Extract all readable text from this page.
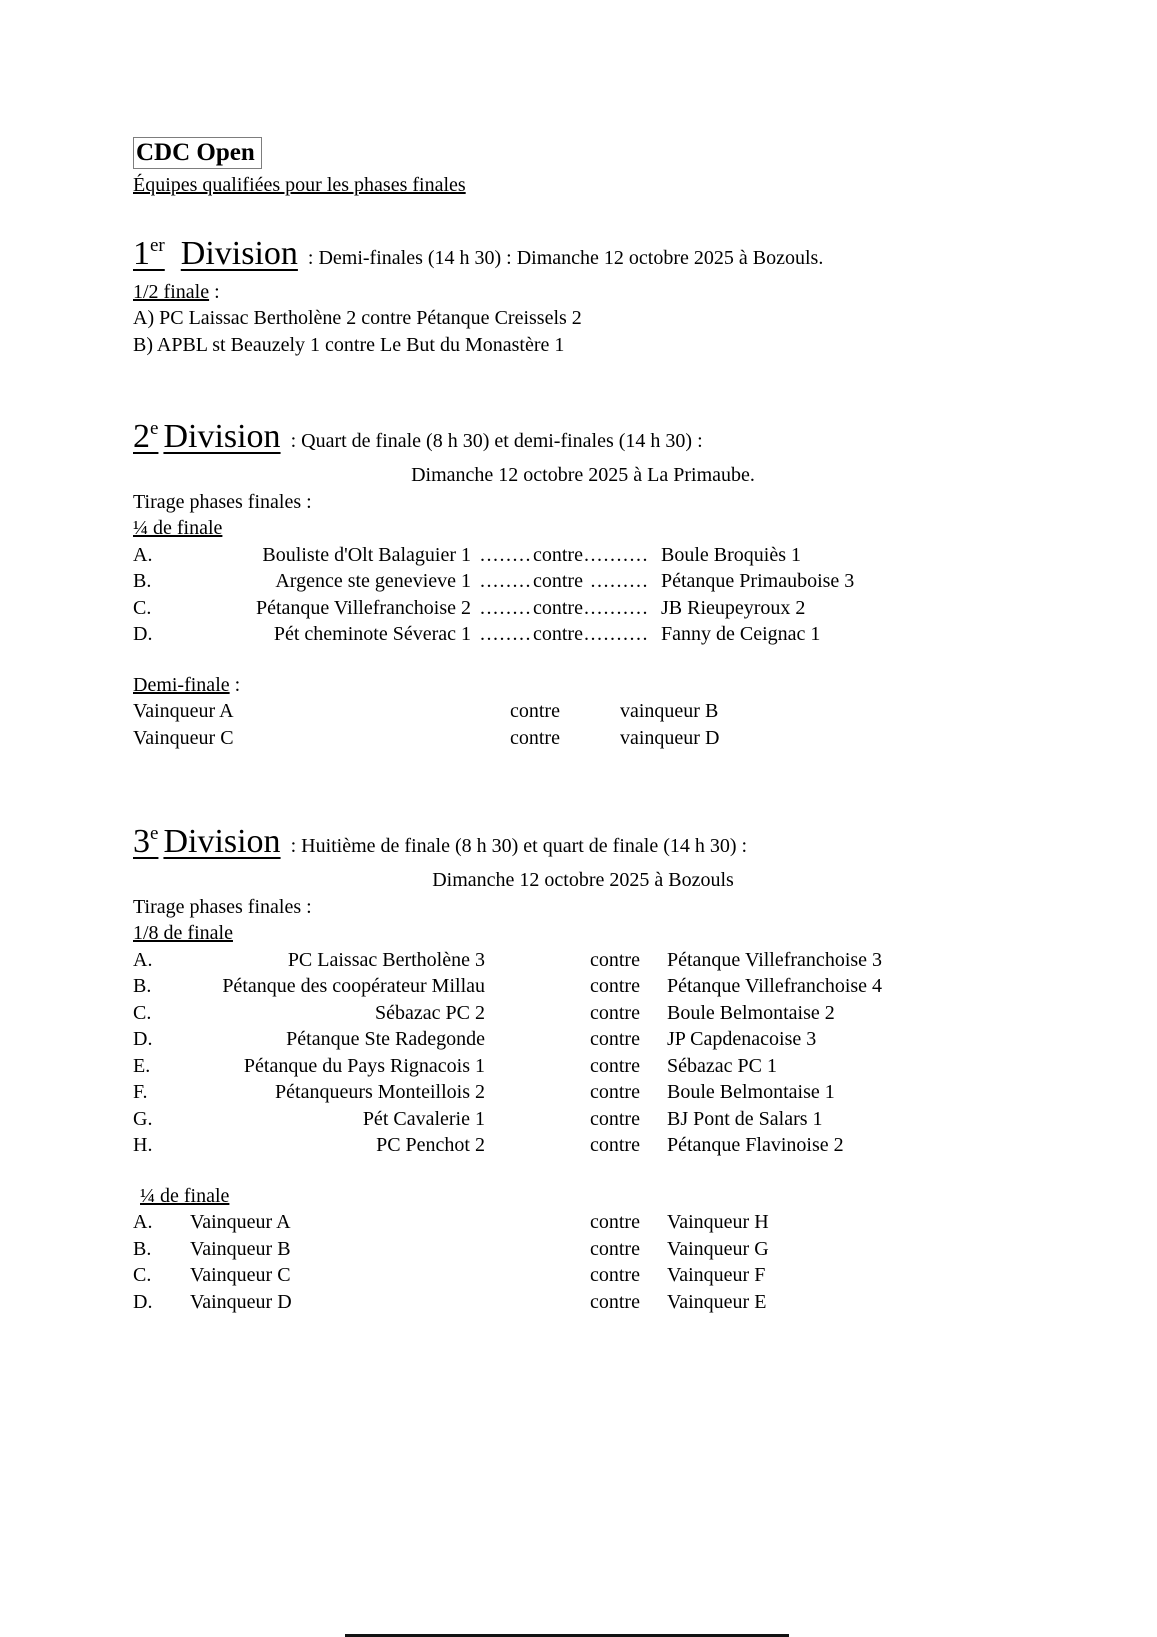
CDC Open
Équipes qualifiées pour les phases finales
1er Division : Demi-finales (14 h 30) : Dimanche 12 octobre 2025 à Bozouls.
1/2 finale :
A) PC Laissac Bertholène 2 contre Pétanque Creissels 2
B) APBL st Beauzely 1 contre Le But du Monastère 1
2e Division : Quart de finale (8 h 30) et demi-finales (14 h 30) :
Dimanche 12 octobre 2025 à La Primaube.
Tirage phases finales :
¼ de finale
A.	Bouliste d'Olt Balaguier 1 ........contre.......... Boule Broquiès 1
B.	Argence ste genevieve 1 ........contre ......... Pétanque Primauboise 3
C.	Pétanque Villefranchoise 2 ........contre.......... JB Rieupeyroux 2
D.	Pét cheminote Séverac 1 ........contre.......... Fanny de Ceignac 1
Demi-finale :
Vainqueur A	contre	vainqueur B
Vainqueur C	contre	vainqueur D
3e Division : Huitième de finale (8 h 30) et quart de finale (14 h 30) :
Dimanche 12 octobre 2025 à Bozouls
Tirage phases finales :
1/8 de finale
A.	PC Laissac Bertholène 3	contre Pétanque Villefranchoise 3
B.	Pétanque des coopérateur Millau	contre Pétanque Villefranchoise 4
C.	Sébazac PC 2	contre Boule Belmontaise 2
D.	Pétanque Ste Radegonde	contre JP Capdenacoise 3
E.	Pétanque du Pays Rignacois 1	contre Sébazac PC 1
F.	Pétanqueurs Monteillois 2	contre Boule Belmontaise 1
G.	Pét Cavalerie 1	contre BJ Pont de Salars 1
H.	PC Penchot 2	contre Pétanque Flavinoise 2
¼ de finale
A. Vainqueur A	contre Vainqueur H
B. Vainqueur B	contre Vainqueur G
C. Vainqueur C	contre Vainqueur F
D. Vainqueur D	contre Vainqueur E
